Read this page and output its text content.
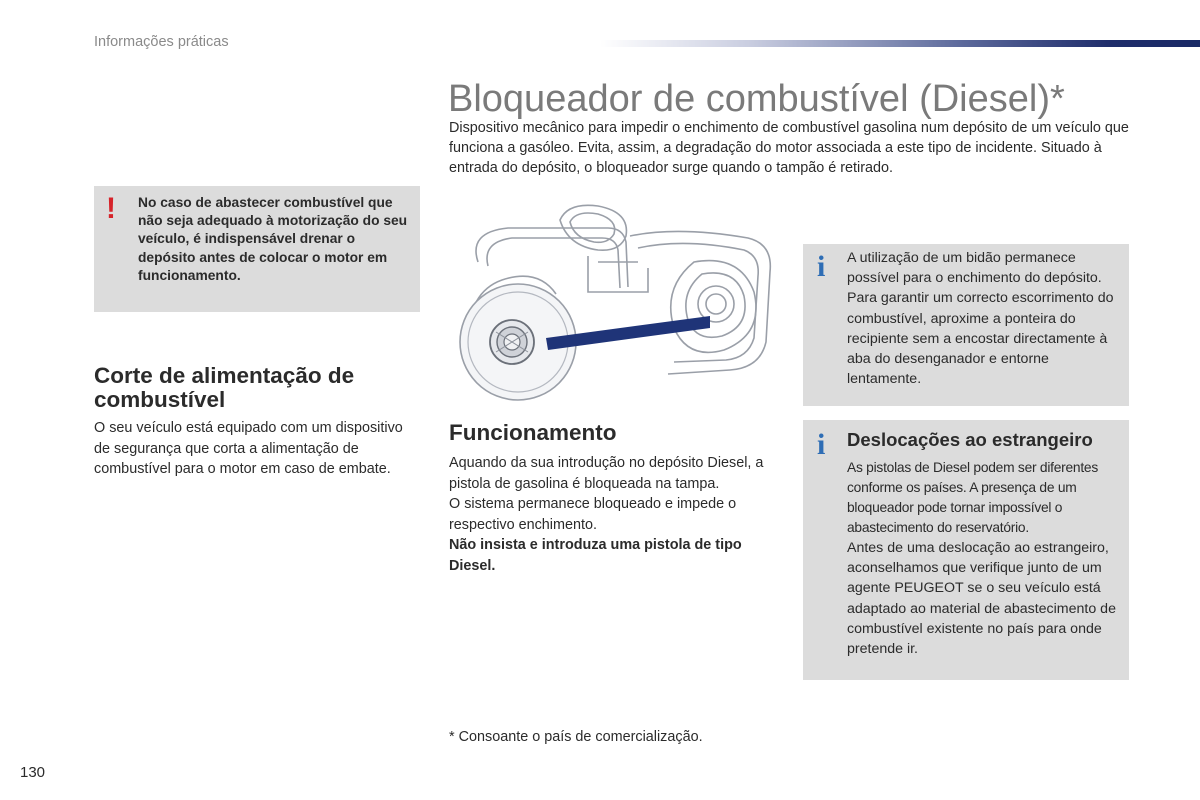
Informações práticas
Bloqueador de combustível (Diesel)*

Dispositivo mecânico para impedir o enchimento de combustível gasolina num depósito de um veículo que funciona a gasóleo. Evita, assim, a degradação do motor associada a este tipo de incidente. Situado à entrada do depósito, o bloqueador surge quando o tampão é retirado.

! No caso de abastecer combustível que não seja adequado à motorização do seu veículo, é indispensável drenar o depósito antes de colocar o motor em funcionamento.

Corte de alimentação de combustível

O seu veículo está equipado com um dispositivo de segurança que corta a alimentação de combustível para o motor em caso de embate.

Funcionamento
Aquando da sua introdução no depósito Diesel, a pistola de gasolina é bloqueada na tampa.
O sistema permanece bloqueado e impede o respectivo enchimento.
Não insista e introduza uma pistola de tipo Diesel.
i A utilização de um bidão permanece possível para o enchimento do depósito. Para garantir um correcto escorrimento do combustível, aproxime a ponteira do recipiente sem a encostar directamente à aba do desenganador e entorne lentamente.

i Deslocações ao estrangeiro

As pistolas de Diesel podem ser diferentes conforme os países. A presença de um bloqueador pode tornar impossível o abastecimento do reservatório.

Antes de uma deslocação ao estrangeiro, aconselhamos que verifique junto de um agente PEUGEOT se o seu veículo está adaptado ao material de abastecimento de combustível existente no país para onde pretende ir.

* Consoante o país de comercialização.

130
